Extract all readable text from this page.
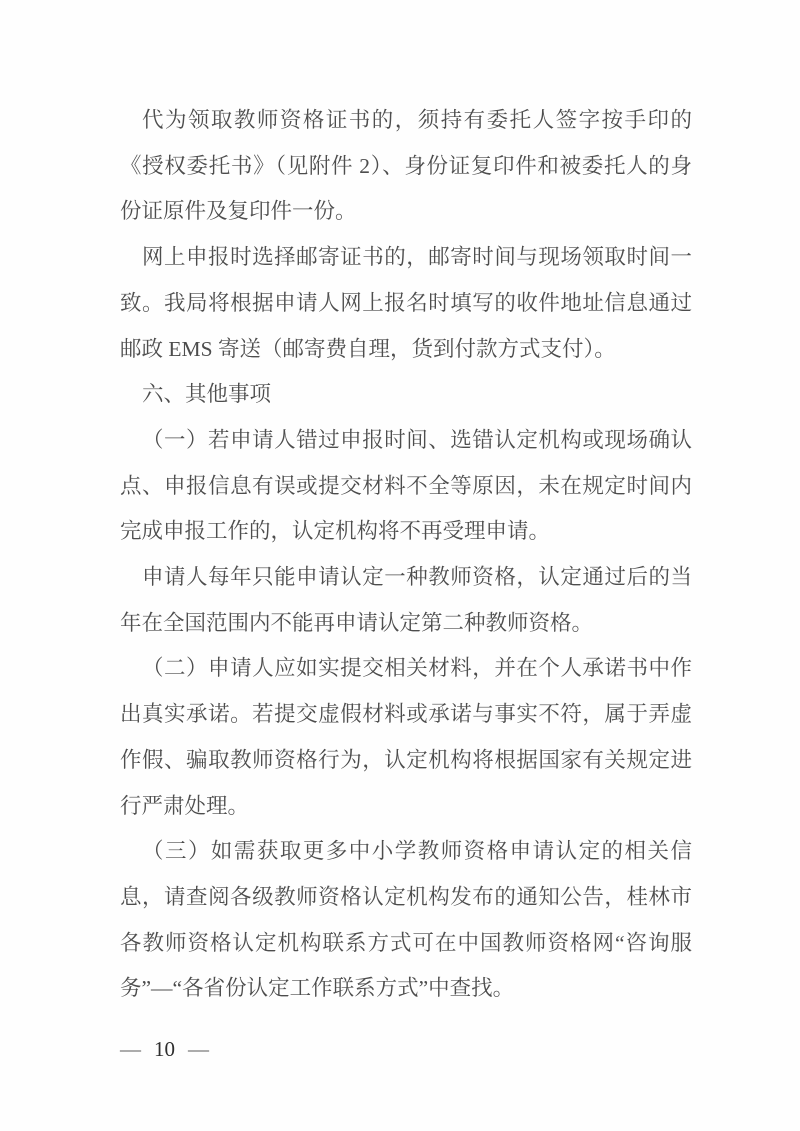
代为领取教师资格证书的，须持有委托人签字按手印的《授权委托书》（见附件 2）、身份证复印件和被委托人的身份证原件及复印件一份。

网上申报时选择邮寄证书的，邮寄时间与现场领取时间一致。我局将根据申请人网上报名时填写的收件地址信息通过邮政 EMS 寄送（邮寄费自理，货到付款方式支付）。

六、其他事项

（一）若申请人错过申报时间、选错认定机构或现场确认点、申报信息有误或提交材料不全等原因，未在规定时间内完成申报工作的，认定机构将不再受理申请。

申请人每年只能申请认定一种教师资格，认定通过后的当年在全国范围内不能再申请认定第二种教师资格。

（二）申请人应如实提交相关材料，并在个人承诺书中作出真实承诺。若提交虚假材料或承诺与事实不符，属于弄虚作假、骗取教师资格行为，认定机构将根据国家有关规定进行严肃处理。

（三）如需获取更多中小学教师资格申请认定的相关信息，请查阅各级教师资格认定机构发布的通知公告，桂林市各教师资格认定机构联系方式可在中国教师资格网“咨询服务”—“各省份认定工作联系方式”中查找。

— 10 —
